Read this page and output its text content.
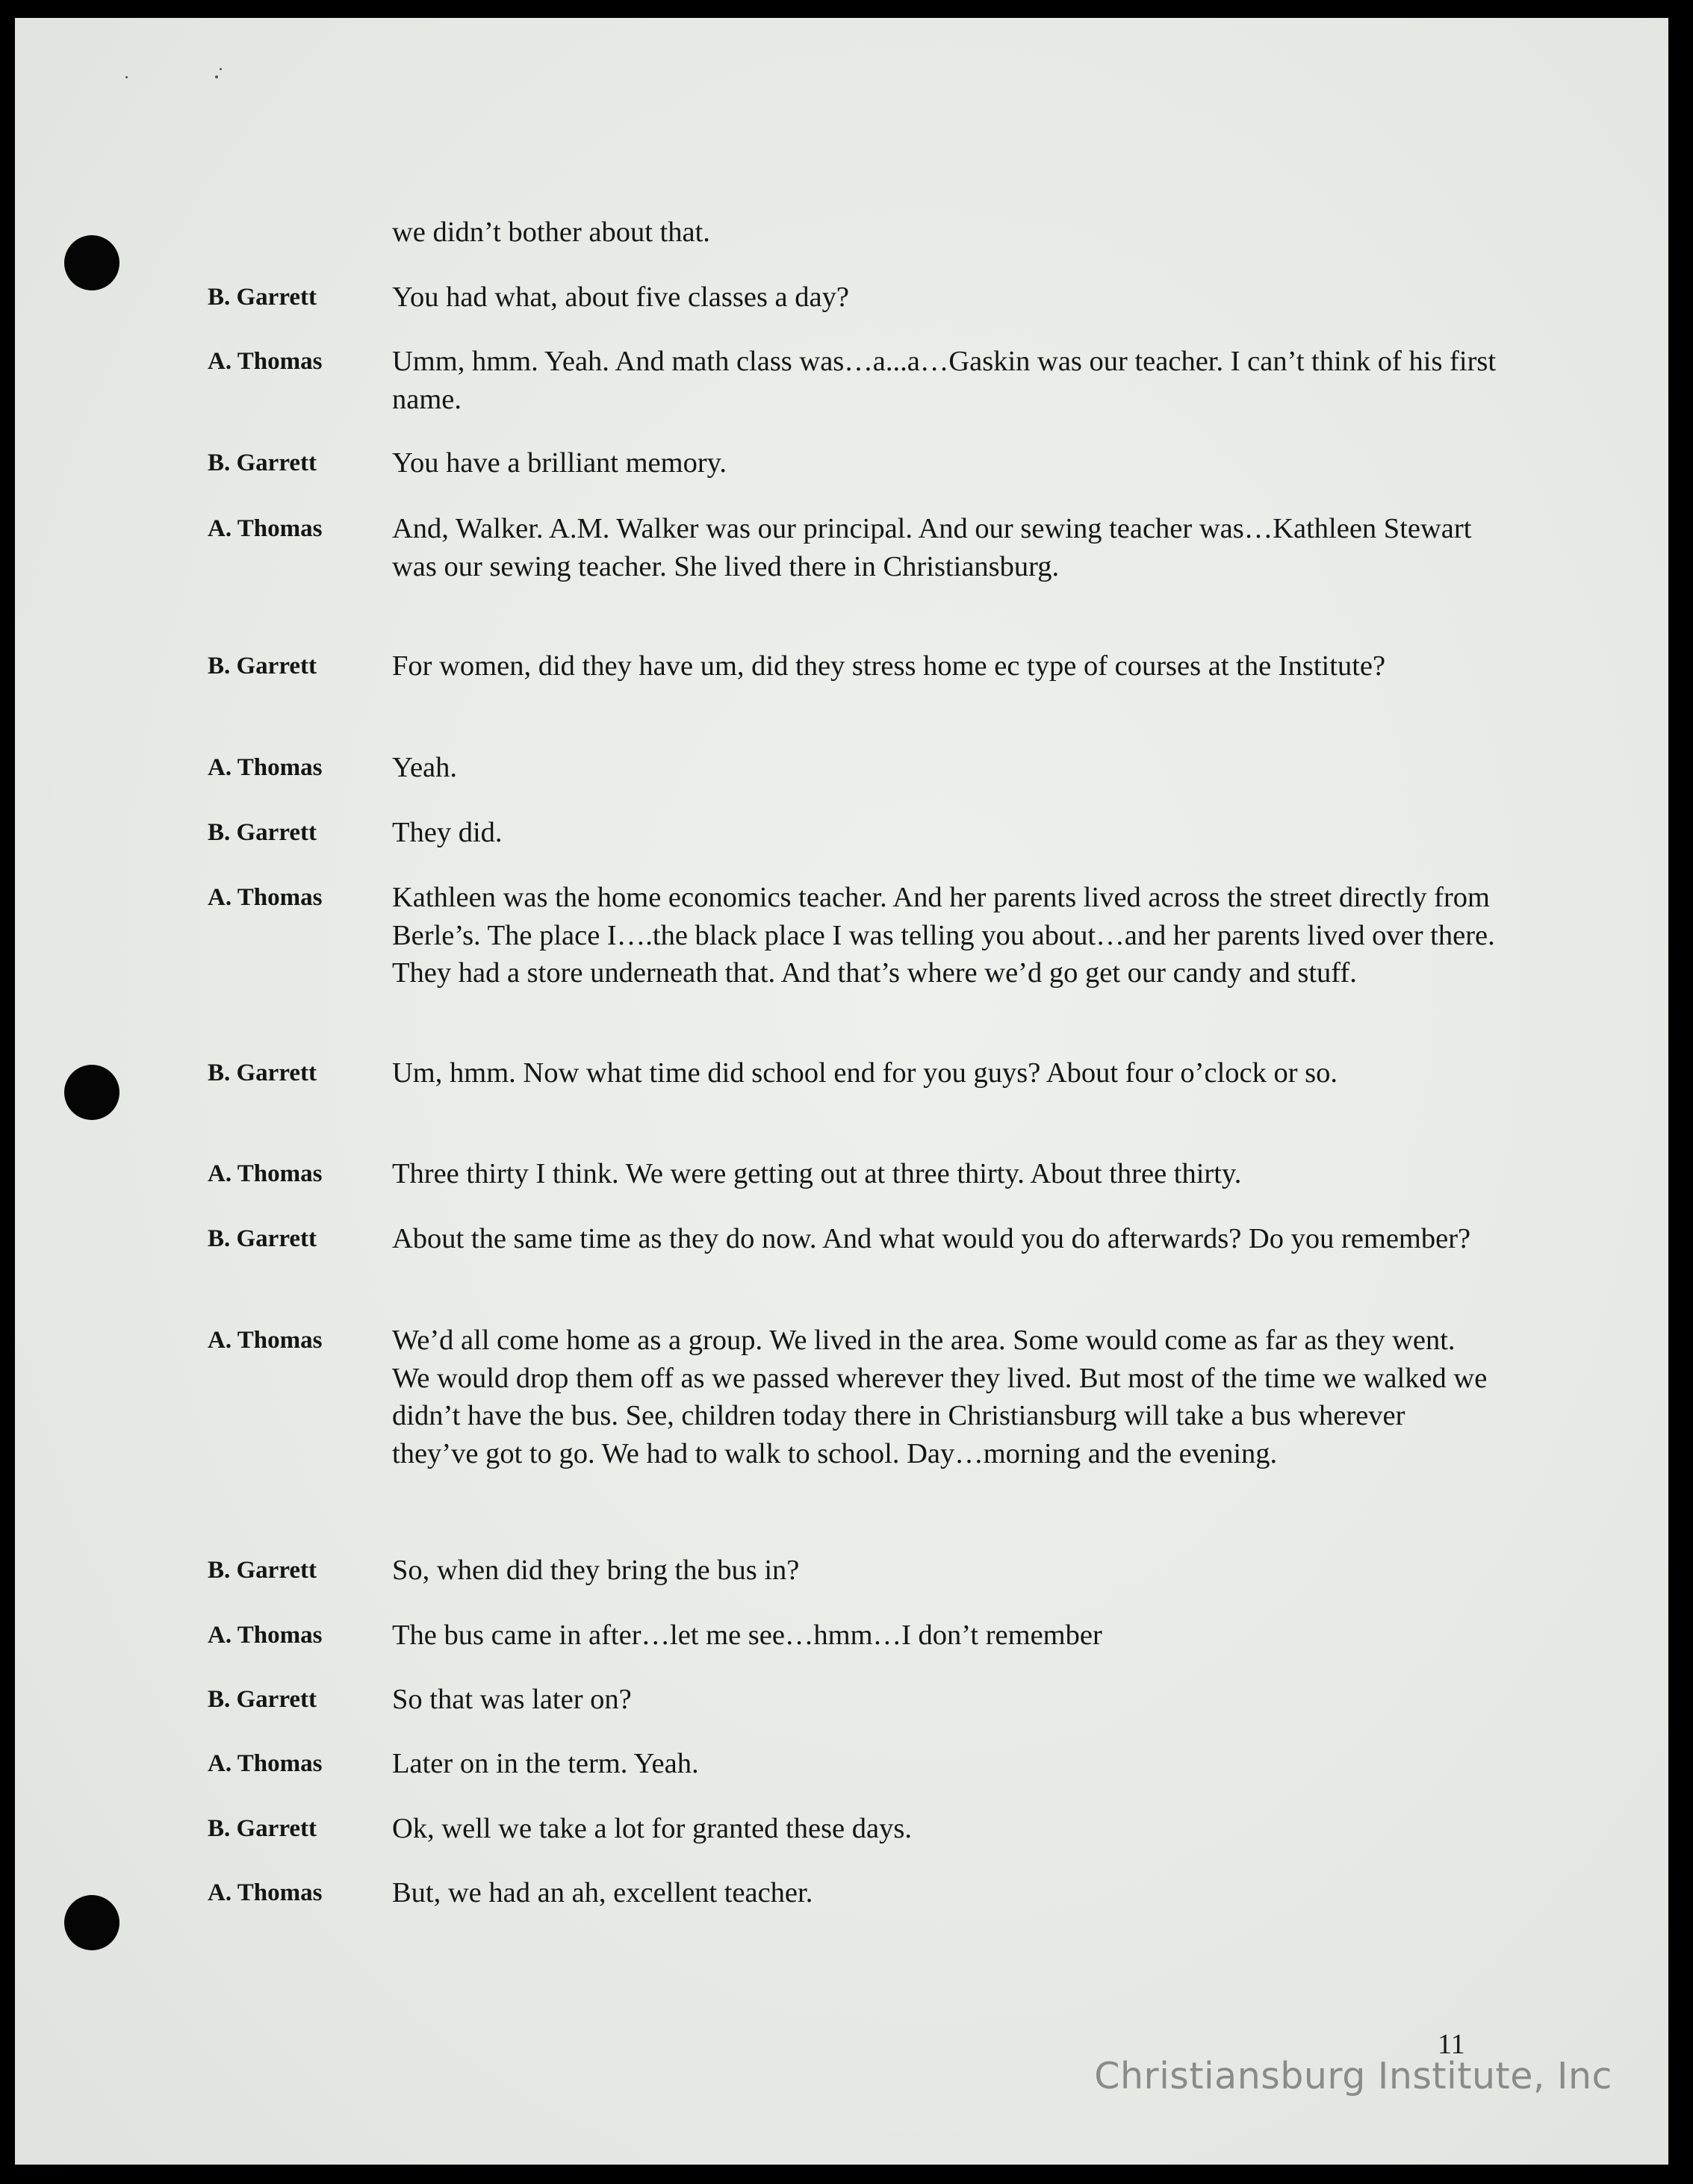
we didn’t bother about that.
B. Garrett	You had what, about five classes a day?
A. Thomas Umm, hmm. Yeah. And math class was…a...a…Gaskin was our teacher. I can’t think of his first name.
B. Garrett	You have a brilliant memory.
A. Thomas And, Walker. A.M. Walker was our principal. And our sewing teacher was…Kathleen Stewart was our sewing teacher. She lived there in Christiansburg.
B. Garrett	For women, did they have um, did they stress home ec type of courses at the Institute?
A. Thomas Yeah.
B. Garrett	They did.
A. Thomas Kathleen was the home economics teacher. And her parents lived across the street directly from Berle’s. The place I….the black place I was telling you about…and her parents lived over there. They had a store underneath that. And that’s where we’d go get our candy and stuff.
B. Garrett	Um, hmm. Now what time did school end for you guys? About four o’clock or so.
A. Thomas Three thirty I think. We were getting out at three thirty. About three thirty.
B. Garrett	About the same time as they do now. And what would you do afterwards? Do you remember?
A. Thomas We’d all come home as a group. We lived in the area. Some would come as far as they went. We would drop them off as we passed wherever they lived. But most of the time we walked we didn’t have the bus. See, children today there in Christiansburg will take a bus wherever they’ve got to go. We had to walk to school. Day…morning and the evening.
B. Garrett	So, when did they bring the bus in?
A. Thomas The bus came in after…let me see…hmm…I don’t remember
B. Garrett	So that was later on?
A. Thomas Later on in the term. Yeah.
B. Garrett	Ok, well we take a lot for granted these days.
A. Thomas But, we had an ah, excellent teacher.
11
Christiansburg Institute, Inc
